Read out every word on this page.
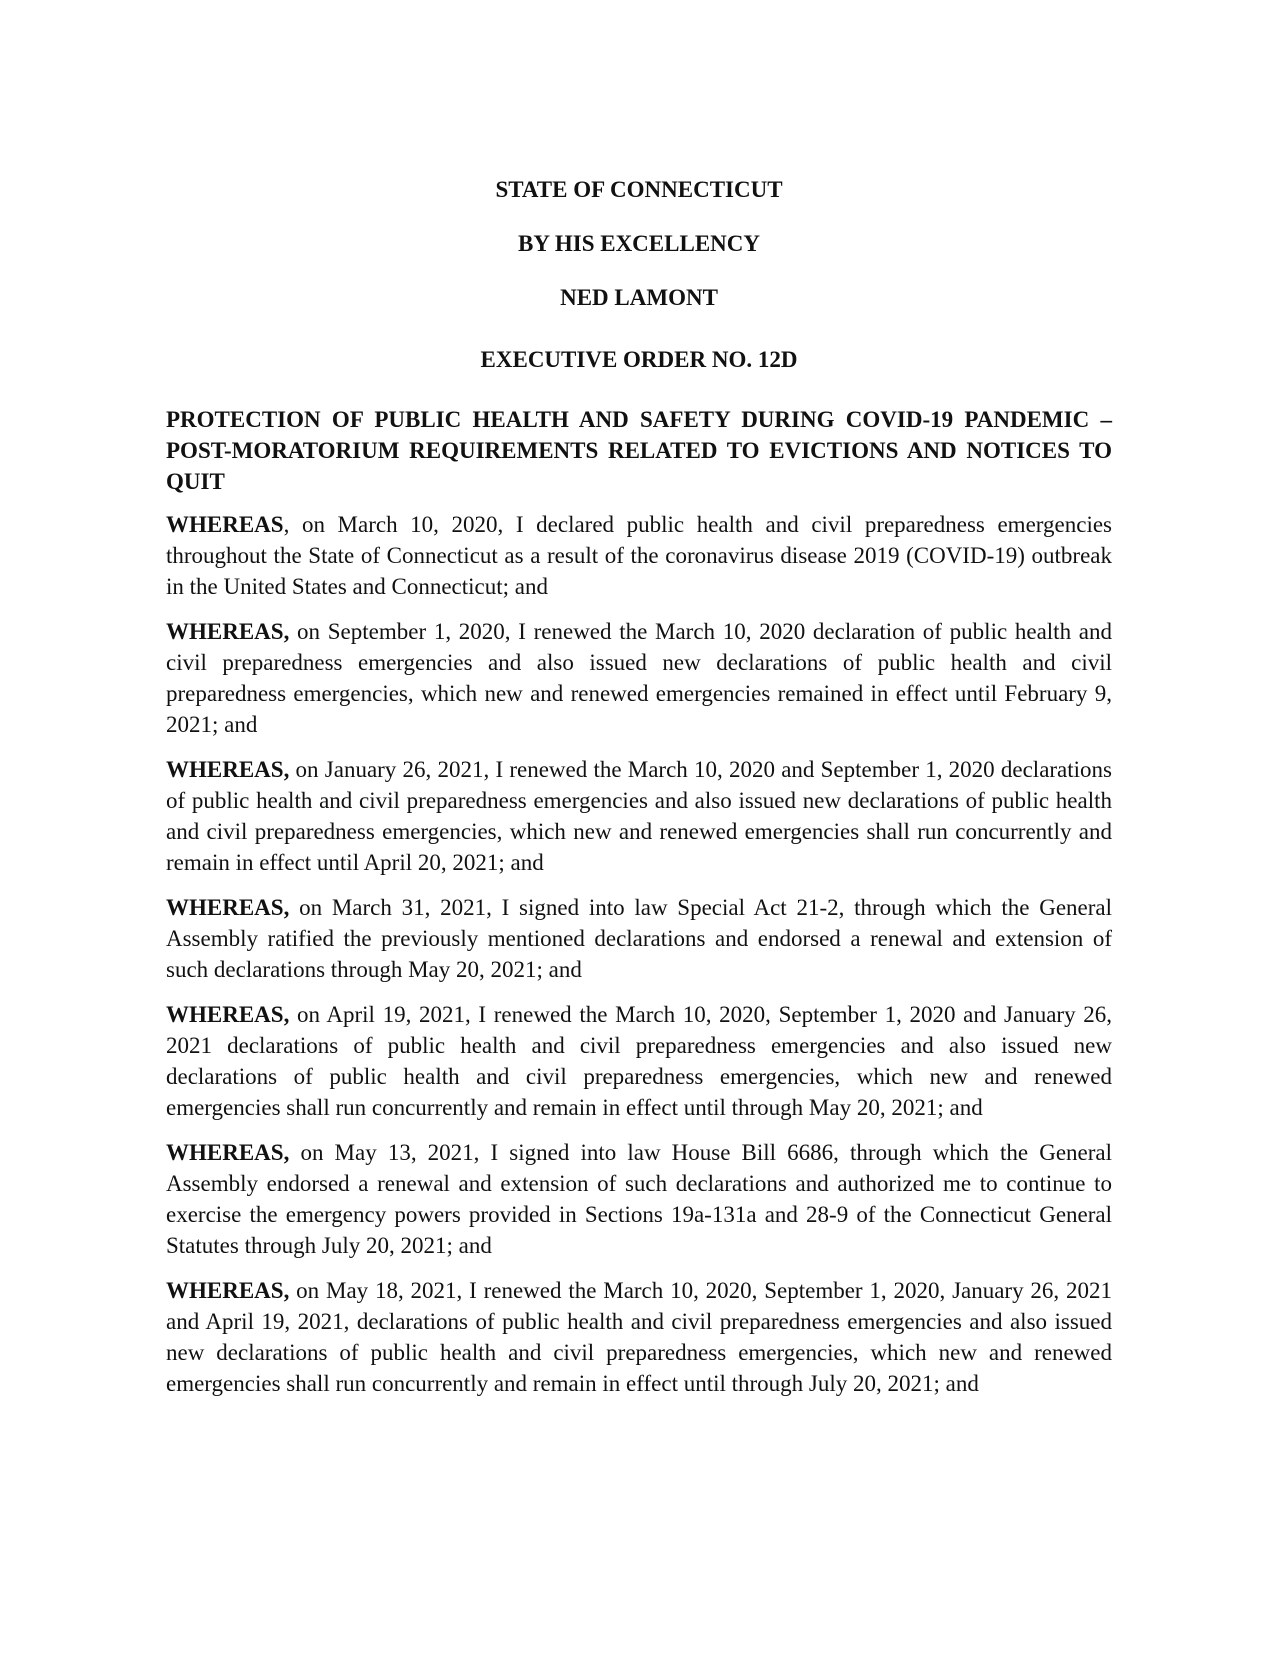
STATE OF CONNECTICUT

BY HIS EXCELLENCY

NED LAMONT

EXECUTIVE ORDER NO. 12D

PROTECTION OF PUBLIC HEALTH AND SAFETY DURING COVID-19 PANDEMIC – POST-MORATORIUM REQUIREMENTS RELATED TO EVICTIONS AND NOTICES TO QUIT

WHEREAS, on March 10, 2020, I declared public health and civil preparedness emergencies throughout the State of Connecticut as a result of the coronavirus disease 2019 (COVID-19) outbreak in the United States and Connecticut; and

WHEREAS, on September 1, 2020, I renewed the March 10, 2020 declaration of public health and civil preparedness emergencies and also issued new declarations of public health and civil preparedness emergencies, which new and renewed emergencies remained in effect until February 9, 2021; and

WHEREAS, on January 26, 2021, I renewed the March 10, 2020 and September 1, 2020 declarations of public health and civil preparedness emergencies and also issued new declarations of public health and civil preparedness emergencies, which new and renewed emergencies shall run concurrently and remain in effect until April 20, 2021; and

WHEREAS, on March 31, 2021, I signed into law Special Act 21-2, through which the General Assembly ratified the previously mentioned declarations and endorsed a renewal and extension of such declarations through May 20, 2021; and

WHEREAS, on April 19, 2021, I renewed the March 10, 2020, September 1, 2020 and January 26, 2021 declarations of public health and civil preparedness emergencies and also issued new declarations of public health and civil preparedness emergencies, which new and renewed emergencies shall run concurrently and remain in effect until through May 20, 2021; and

WHEREAS, on May 13, 2021, I signed into law House Bill 6686, through which the General Assembly endorsed a renewal and extension of such declarations and authorized me to continue to exercise the emergency powers provided in Sections 19a-131a and 28-9 of the Connecticut General Statutes through July 20, 2021; and

WHEREAS, on May 18, 2021, I renewed the March 10, 2020, September 1, 2020, January 26, 2021 and April 19, 2021, declarations of public health and civil preparedness emergencies and also issued new declarations of public health and civil preparedness emergencies, which new and renewed emergencies shall run concurrently and remain in effect until through July 20, 2021; and
